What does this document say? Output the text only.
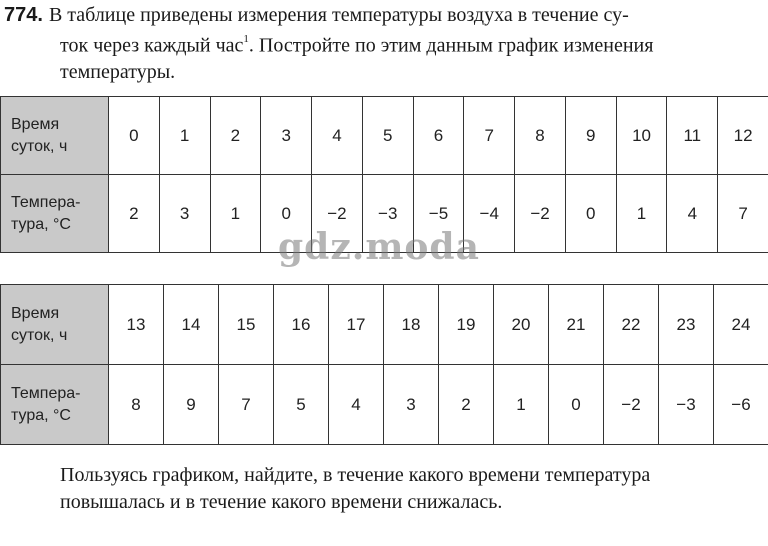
774. В таблице приведены измерения температуры воздуха в течение су-
ток через каждый час$^1$. Постройте по этим данным график изменения
температуры.
Время
суток, ч	0	1	2	3	4	5	6	7	8	9	10	11	12

Темпера-
тура, °С	2	3	1	0	−2	−3	−5	−4	−2	0	1	4	7
gdz.moda
Время
суток, ч	13	14	15	16	17	18	19	20	21	22	23	24

Темпера-
тура, °С	8	9	7	5	4	3	2	1	0	−2	−3	−6
Пользуясь графиком, найдите, в течение какого времени температура
повышалась и в течение какого времени снижалась.
